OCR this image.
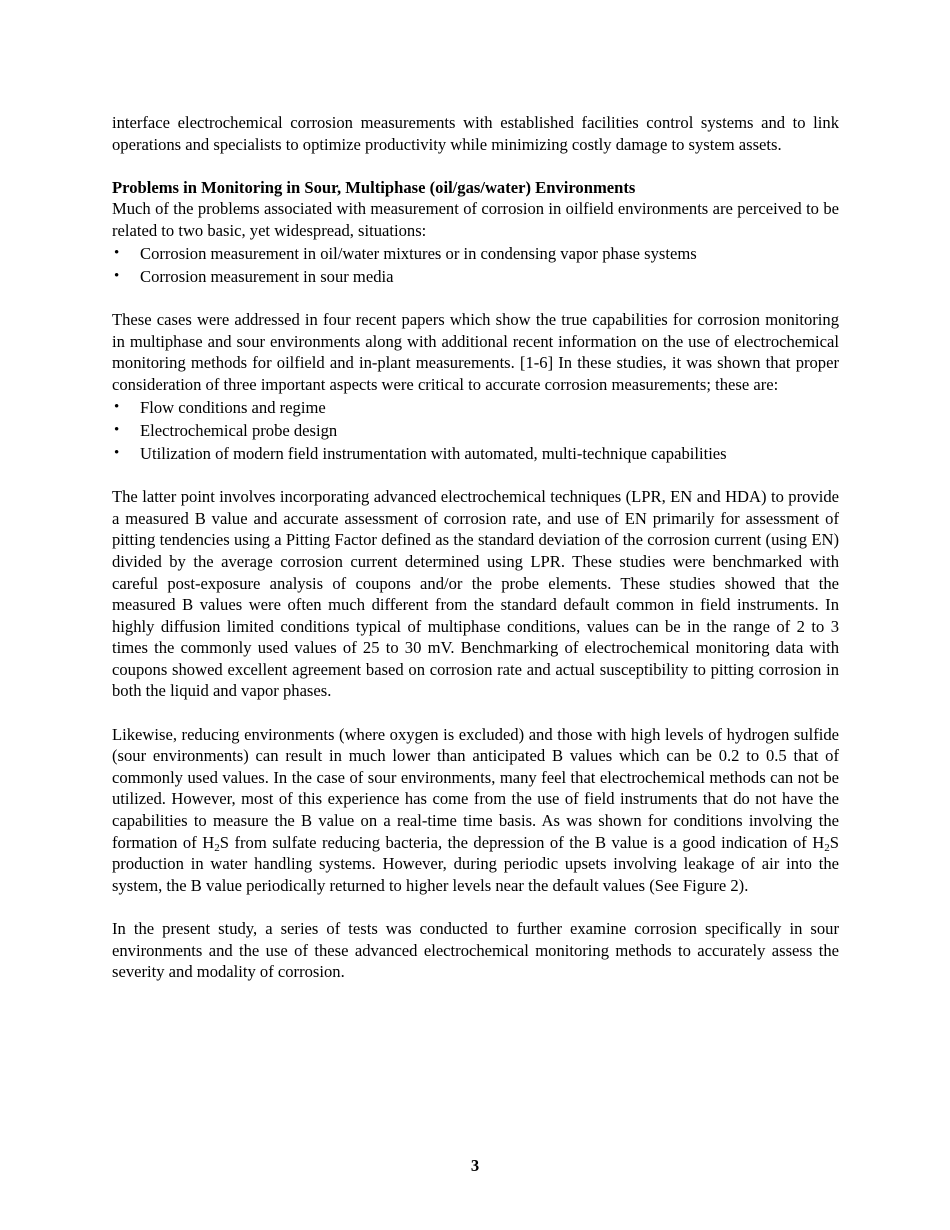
interface electrochemical corrosion measurements with established facilities control systems and to link operations and specialists to optimize productivity while minimizing costly damage to system assets.

Problems in Monitoring in Sour, Multiphase (oil/gas/water) Environments

Much of the problems associated with measurement of corrosion in oilfield environments are perceived to be related to two basic, yet widespread, situations:

• Corrosion measurement in oil/water mixtures or in condensing vapor phase systems
• Corrosion measurement in sour media

These cases were addressed in four recent papers which show the true capabilities for corrosion monitoring in multiphase and sour environments along with additional recent information on the use of electrochemical monitoring methods for oilfield and in-plant measurements. [1-6] In these studies, it was shown that proper consideration of three important aspects were critical to accurate corrosion measurements; these are:

• Flow conditions and regime
• Electrochemical probe design
• Utilization of modern field instrumentation with automated, multi-technique capabilities

The latter point involves incorporating advanced electrochemical techniques (LPR, EN and HDA) to provide a measured B value and accurate assessment of corrosion rate, and use of EN primarily for assessment of pitting tendencies using a Pitting Factor defined as the standard deviation of the corrosion current (using EN) divided by the average corrosion current determined using LPR. These studies were benchmarked with careful post-exposure analysis of coupons and/or the probe elements. These studies showed that the measured B values were often much different from the standard default common in field instruments. In highly diffusion limited conditions typical of multiphase conditions, values can be in the range of 2 to 3 times the commonly used values of 25 to 30 mV. Benchmarking of electrochemical monitoring data with coupons showed excellent agreement based on corrosion rate and actual susceptibility to pitting corrosion in both the liquid and vapor phases.

Likewise, reducing environments (where oxygen is excluded) and those with high levels of hydrogen sulfide (sour environments) can result in much lower than anticipated B values which can be 0.2 to 0.5 that of commonly used values. In the case of sour environments, many feel that electrochemical methods can not be utilized. However, most of this experience has come from the use of field instruments that do not have the capabilities to measure the B value on a real-time time basis. As was shown for conditions involving the formation of $H_2S$ from sulfate reducing bacteria, the depression of the B value is a good indication of $H_2S$ production in water handling systems. However, during periodic upsets involving leakage of air into the system, the B value periodically returned to higher levels near the default values (See Figure 2).

In the present study, a series of tests was conducted to further examine corrosion specifically in sour environments and the use of these advanced electrochemical monitoring methods to accurately assess the severity and modality of corrosion.

3
